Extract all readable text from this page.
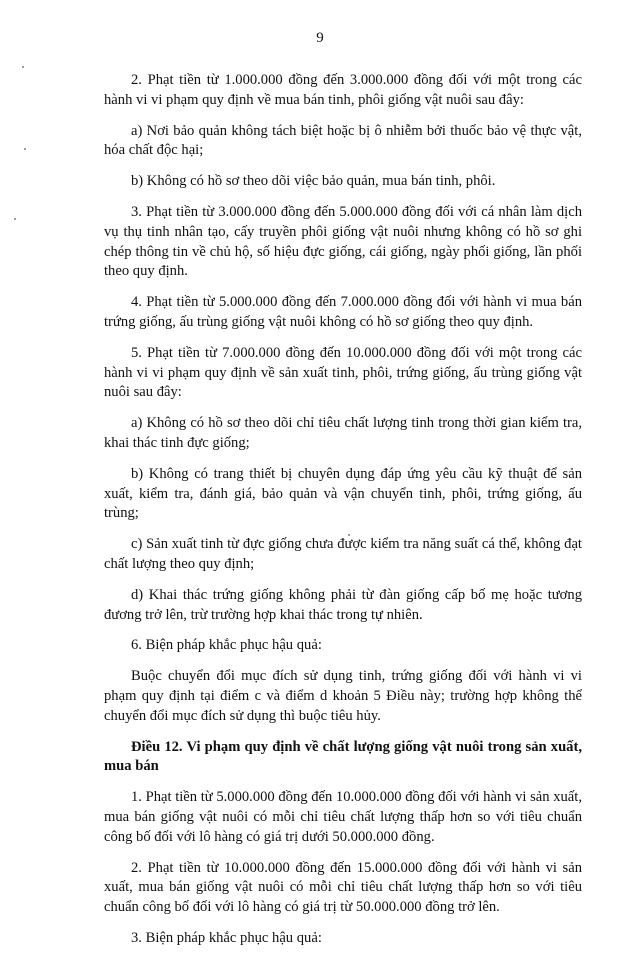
9

2. Phạt tiền từ 1.000.000 đồng đến 3.000.000 đồng đối với một trong các hành vi vi phạm quy định về mua bán tinh, phôi giống vật nuôi sau đây:

a) Nơi bảo quản không tách biệt hoặc bị ô nhiễm bởi thuốc bảo vệ thực vật, hóa chất độc hại;

b) Không có hồ sơ theo dõi việc bảo quản, mua bán tinh, phôi.

3. Phạt tiền từ 3.000.000 đồng đến 5.000.000 đồng đối với cá nhân làm dịch vụ thụ tinh nhân tạo, cấy truyền phôi giống vật nuôi nhưng không có hồ sơ ghi chép thông tin về chủ hộ, số hiệu đực giống, cái giống, ngày phối giống, lần phối theo quy định.

4. Phạt tiền từ 5.000.000 đồng đến 7.000.000 đồng đối với hành vi mua bán trứng giống, ấu trùng giống vật nuôi không có hồ sơ giống theo quy định.

5. Phạt tiền từ 7.000.000 đồng đến 10.000.000 đồng đối với một trong các hành vi vi phạm quy định về sản xuất tinh, phôi, trứng giống, ấu trùng giống vật nuôi sau đây:

a) Không có hồ sơ theo dõi chỉ tiêu chất lượng tinh trong thời gian kiểm tra, khai thác tinh đực giống;

b) Không có trang thiết bị chuyên dụng đáp ứng yêu cầu kỹ thuật để sản xuất, kiểm tra, đánh giá, bảo quản và vận chuyển tinh, phôi, trứng giống, ấu trùng;

c) Sản xuất tinh từ đực giống chưa được kiểm tra năng suất cá thể, không đạt chất lượng theo quy định;

d) Khai thác trứng giống không phải từ đàn giống cấp bố mẹ hoặc tương đương trở lên, trừ trường hợp khai thác trong tự nhiên.

6. Biện pháp khắc phục hậu quả:

Buộc chuyển đổi mục đích sử dụng tinh, trứng giống đối với hành vi vi phạm quy định tại điểm c và điểm d khoản 5 Điều này; trường hợp không thể chuyển đổi mục đích sử dụng thì buộc tiêu hủy.

Điều 12. Vi phạm quy định về chất lượng giống vật nuôi trong sản xuất, mua bán

1. Phạt tiền từ 5.000.000 đồng đến 10.000.000 đồng đối với hành vi sản xuất, mua bán giống vật nuôi có mỗi chỉ tiêu chất lượng thấp hơn so với tiêu chuẩn công bố đối với lô hàng có giá trị dưới 50.000.000 đồng.

2. Phạt tiền từ 10.000.000 đồng đến 15.000.000 đồng đối với hành vi sản xuất, mua bán giống vật nuôi có mỗi chỉ tiêu chất lượng thấp hơn so với tiêu chuẩn công bố đối với lô hàng có giá trị từ 50.000.000 đồng trở lên.

3. Biện pháp khắc phục hậu quả:
